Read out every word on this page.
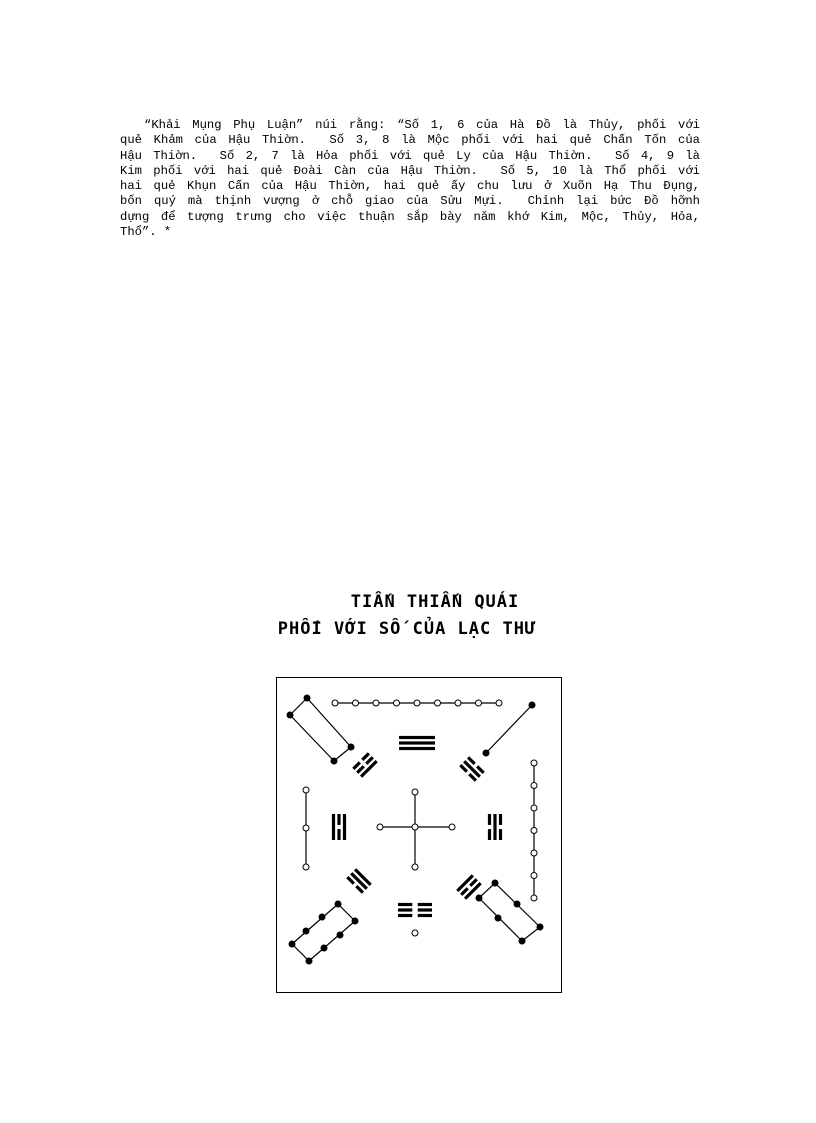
“Khải Mụng Phụ Luận” núi rằng: “Số 1, 6 của Hà Đồ là Thủy, phối với
quẻ Khảm của Hậu Thiờn.  Số 3, 8 là Mộc phối với hai quẻ Chấn Tốn của
Hậu Thiờn.  Số 2, 7 là Hỏa phối với quẻ Ly của Hậu Thiờn.  Số 4, 9 là
Kim phối với hai quẻ Đoài Càn của Hậu Thiờn.  Số 5, 10 là Thổ phối với
hai quẻ Khụn Cấn của Hậu Thiờn, hai quẻ ấy chu lưu ở Xuõn Hạ Thu Đụng,
bốn quý mà thịnh vượng ở chỗ giao của Sửu Mựi.  Chỉnh lại bức Đồ hỡnh
dựng để tượng trưng cho việc thuận sắp bày năm khớ Kim, Mộc, Thủy, Hỏa,
Thổ”. *
TIẤN THIẤN QUÁI
PHỐI VỚI SỐ CỦA LẠC THƯ
